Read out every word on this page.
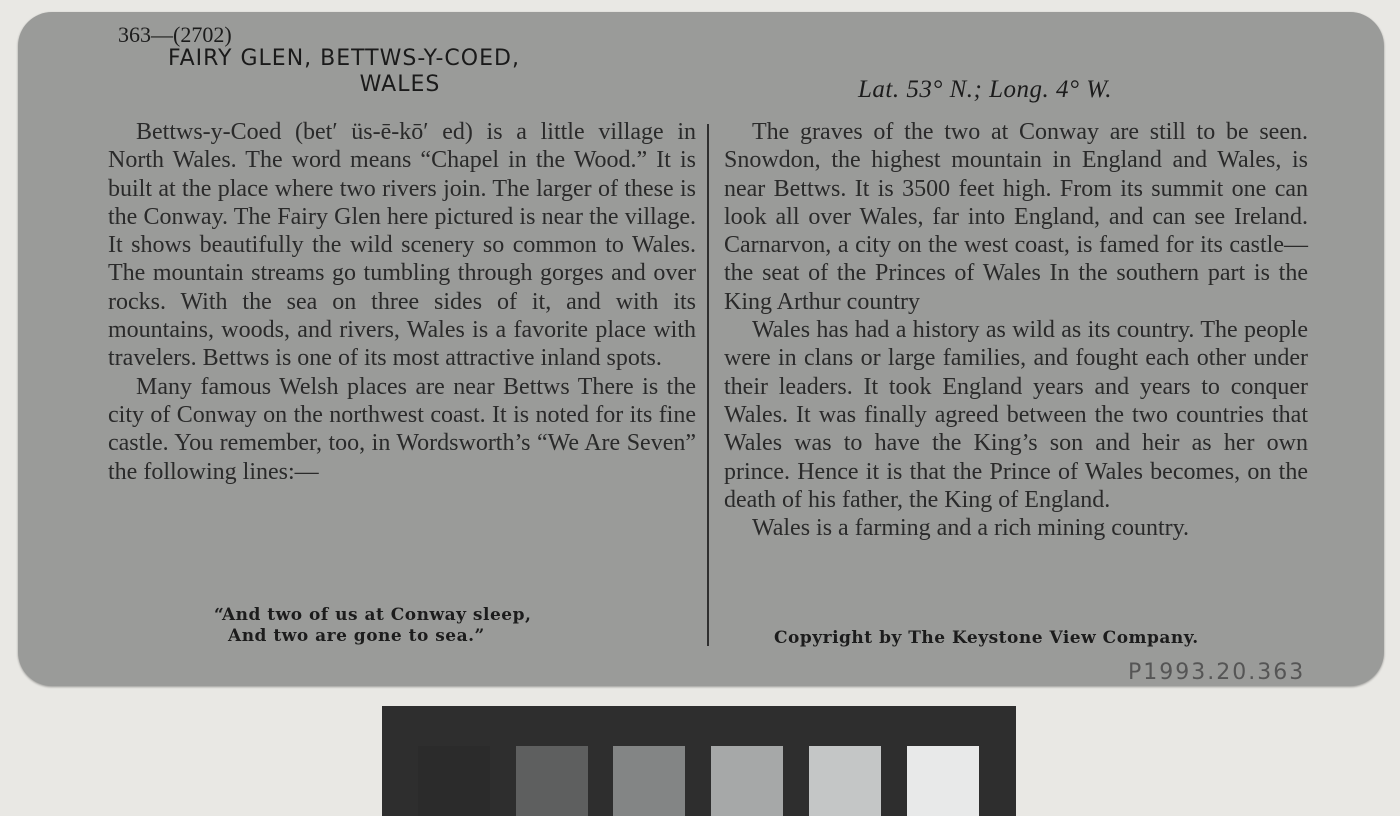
363—(2702)
FAIRY GLEN, BETTWS-Y-COED,
WALES	Lat. 53° N.; Long. 4° W.

Bettws-y-Coed (bet′ üs-ē-kō′ ed) is a little village in North Wales. The word means “Chapel in the Wood.” It is built at the place where two rivers join. The larger of these is the Conway. The Fairy Glen here pictured is near the village. It shows beautifully the wild scenery so common to Wales. The mountain streams go tumbling through gorges and over rocks. With the sea on three sides of it, and with its mountains, woods, and rivers, Wales is a favorite place with travelers. Bettws is one of its most attractive inland spots.

Many famous Welsh places are near Bettws There is the city of Conway on the northwest coast. It is noted for its fine castle. You remember, too, in Wordsworth’s “We Are Seven” the following lines:—

“And two of us at Conway sleep,
And two are gone to sea.”

The graves of the two at Conway are still to be seen. Snowdon, the highest mountain in England and Wales, is near Bettws. It is 3500 feet high. From its summit one can look all over Wales, far into England, and can see Ireland. Carnarvon, a city on the west coast, is famed for its castle—the seat of the Princes of Wales In the southern part is the King Arthur country

Wales has had a history as wild as its country. The people were in clans or large families, and fought each other under their leaders. It took England years and years to conquer Wales. It was finally agreed between the two countries that Wales was to have the King’s son and heir as her own prince. Hence it is that the Prince of Wales becomes, on the death of his father, the King of England.

Wales is a farming and a rich mining country.

Copyright by The Keystone View Company.
P1993.20.363
